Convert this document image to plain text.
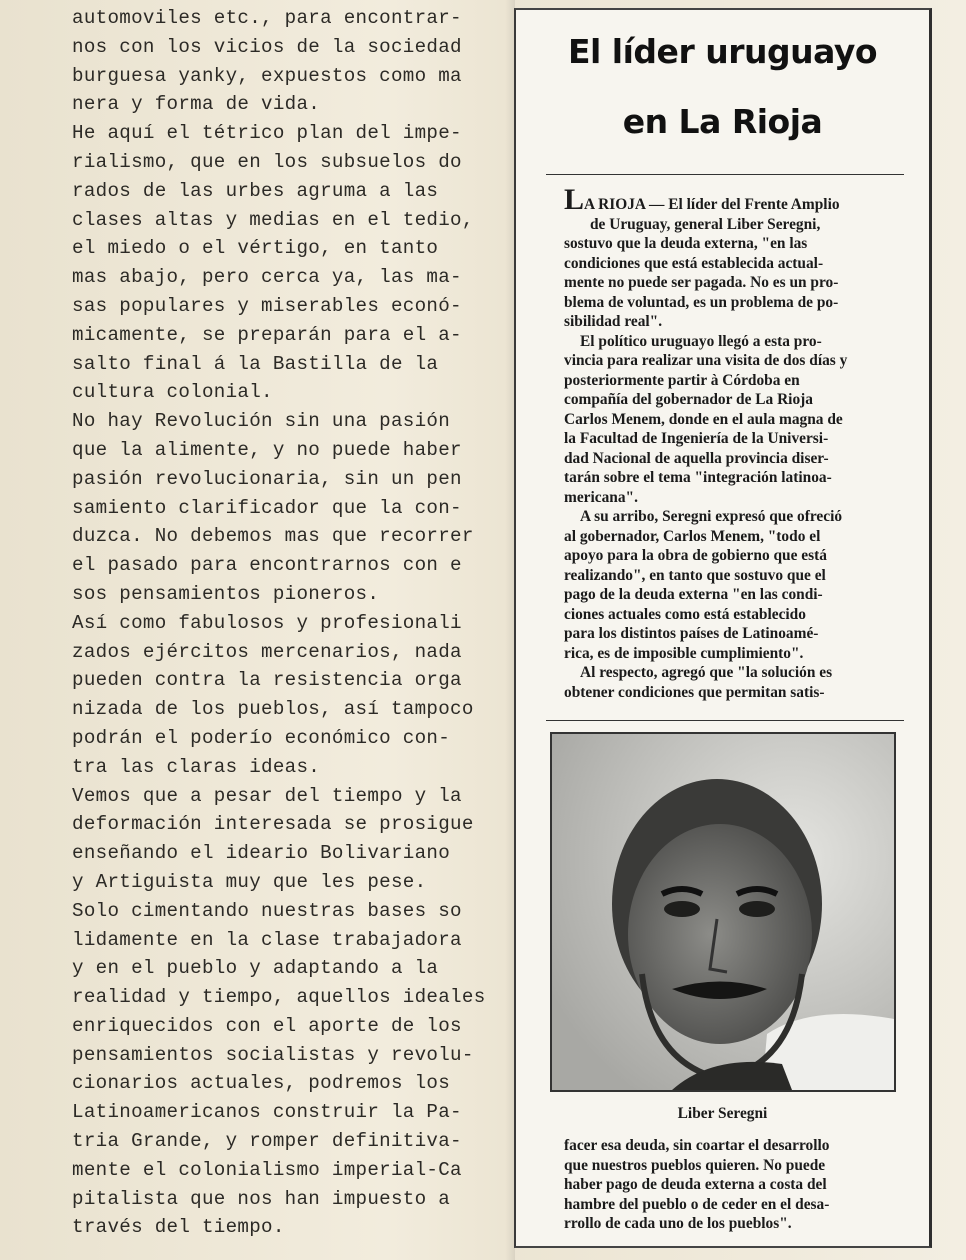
automoviles etc., para encontrar-
nos con los vicios de la sociedad
burguesa yanky, expuestos como ma
nera y forma de vida.
He aquí el tétrico plan del impe-
rialismo, que en los subsuelos do
rados de las urbes agruma a las
clases altas y medias en el tedio,
el miedo o el vértigo, en tanto
mas abajo, pero cerca ya, las ma-
sas populares y miserables econó-
micamente, se preparán para el a-
salto final á la Bastilla de la
cultura colonial.
No hay Revolución sin una pasión
que la alimente, y no puede haber
pasión revolucionaria, sin un pen
samiento clarificador que la con-
duzca. No debemos mas que recorrer
el pasado para encontrarnos con e
sos pensamientos pioneros.
Así como fabulosos y profesionali
zados ejércitos mercenarios, nada
pueden contra la resistencia orga
nizada de los pueblos, así tampoco
podrán el poderío económico con-
tra las claras ideas.
Vemos que a pesar del tiempo y la
deformación interesada se prosigue
enseñando el ideario Bolivariano
y Artiguista muy que les pese.
Solo cimentando nuestras bases so
lidamente en la clase trabajadora
y en el pueblo y adaptando a la
realidad y tiempo, aquellos ideales
enriquecidos con el aporte de los
pensamientos socialistas y revolu-
cionarios actuales, podremos los
Latinoamericanos construir la Pa-
tria Grande, y romper definitiva-
mente el colonialismo imperial-Ca
pitalista que nos han impuesto a
través del tiempo.
El líder uruguayo
en La Rioja
LA RIOJA — El líder del Frente Amplio
de Uruguay, general Liber Seregni,
sostuvo que la deuda externa, "en las
condiciones que está establecida actual-
mente no puede ser pagada. No es un pro-
blema de voluntad, es un problema de po-
sibilidad real".
El político uruguayo llegó a esta pro-
vincia para realizar una visita de dos días y
posteriormente partir à Córdoba en
compañía del gobernador de La Rioja
Carlos Menem, donde en el aula magna de
la Facultad de Ingeniería de la Universi-
dad Nacional de aquella provincia diser-
tarán sobre el tema "integración latinoa-
mericana".
A su arribo, Seregni expresó que ofreció
al gobernador, Carlos Menem, "todo el
apoyo para la obra de gobierno que está
realizando", en tanto que sostuvo que el
pago de la deuda externa "en las condi-
ciones actuales como está establecido
para los distintos países de Latinoamé-
rica, es de imposible cumplimiento".
Al respecto, agregó que "la solución es
obtener condiciones que permitan satis-

Liber Seregni

facer esa deuda, sin coartar el desarrollo
que nuestros pueblos quieren. No puede
haber pago de deuda externa a costa del
hambre del pueblo o de ceder en el desa-
rrollo de cada uno de los pueblos".
